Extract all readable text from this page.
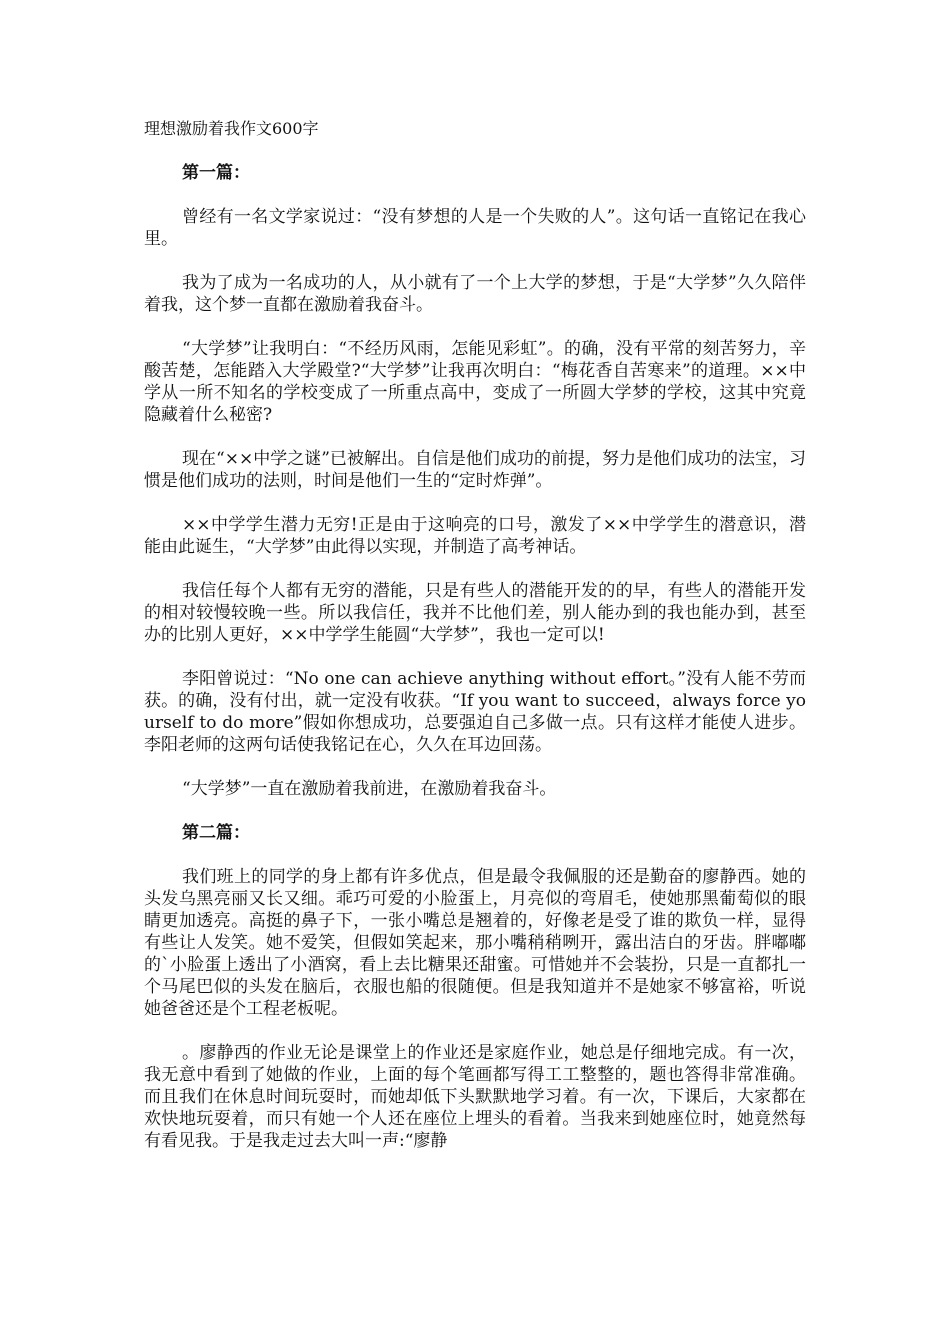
理想激励着我作文600字
第一篇：

曾经有一名文学家说过：“没有梦想的人是一个失败的人”。这句话一直铭记在我心里。

我为了成为一名成功的人，从小就有了一个上大学的梦想，于是“大学梦”久久陪伴着我，这个梦一直都在激励着我奋斗。

“大学梦”让我明白：“不经历风雨，怎能见彩虹”。的确，没有平常的刻苦努力，辛酸苦楚，怎能踏入大学殿堂?“大学梦”让我再次明白：“梅花香自苦寒来”的道理。××中学从一所不知名的学校变成了一所重点高中，变成了一所圆大学梦的学校，这其中究竟隐藏着什么秘密?

现在“××中学之谜”已被解出。自信是他们成功的前提，努力是他们成功的法宝，习惯是他们成功的法则，时间是他们一生的“定时炸弹”。

××中学学生潜力无穷!正是由于这响亮的口号，激发了××中学学生的潜意识，潜能由此诞生，“大学梦”由此得以实现，并制造了高考神话。

我信任每个人都有无穷的潜能，只是有些人的潜能开发的的早，有些人的潜能开发的相对较慢较晚一些。所以我信任，我并不比他们差，别人能办到的我也能办到，甚至办的比别人更好，××中学学生能圆“大学梦”，我也一定可以!

李阳曾说过：“No one can achieve anything without effort。”没有人能不劳而获。的确，没有付出，就一定没有收获。“If you want to succeed，always force yourself to do more”假如你想成功，总要强迫自己多做一点。只有这样才能使人进步。李阳老师的这两句话使我铭记在心，久久在耳边回荡。

“大学梦”一直在激励着我前进，在激励着我奋斗。

第二篇：

我们班上的同学的身上都有许多优点，但是最令我佩服的还是勤奋的廖静西。她的头发乌黑亮丽又长又细。乖巧可爱的小脸蛋上，月亮似的弯眉毛，使她那黑葡萄似的眼睛更加透亮。高挺的鼻子下，一张小嘴总是翘着的，好像老是受了谁的欺负一样，显得有些让人发笑。她不爱笑，但假如笑起来，那小嘴稍稍咧开，露出洁白的牙齿。胖嘟嘟的`小脸蛋上透出了小酒窝，看上去比糖果还甜蜜。可惜她并不会装扮，只是一直都扎一个马尾巴似的头发在脑后，衣服也船的很随便。但是我知道并不是她家不够富裕，听说她爸爸还是个工程老板呢。

。廖静西的作业无论是课堂上的作业还是家庭作业，她总是仔细地完成。有一次，我无意中看到了她做的作业，上面的每个笔画都写得工工整整的，题也答得非常准确。而且我们在休息时间玩耍时，而她却低下头默默地学习着。有一次，下课后，大家都在欢快地玩耍着，而只有她一个人还在座位上埋头的看着。当我来到她座位时，她竟然每有看见我。于是我走过去大叫一声:“廖静
